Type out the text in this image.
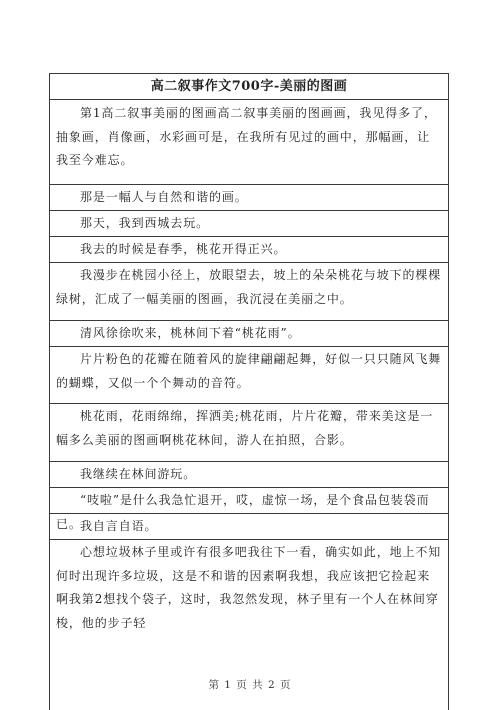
高二叙事作文700字-美丽的图画

第1高二叙事美丽的图画高二叙事美丽的图画画，我见得多了，抽象画，肖像画，水彩画可是，在我所有见过的画中，那幅画，让我至今难忘。

那是一幅人与自然和谐的画。

那天，我到西城去玩。

我去的时候是春季，桃花开得正兴。

我漫步在桃园小径上，放眼望去，坡上的朵朵桃花与坡下的棵棵绿树，汇成了一幅美丽的图画，我沉浸在美丽之中。

清风徐徐吹来，桃林间下着“桃花雨”。

片片粉色的花瓣在随着风的旋律翩翩起舞，好似一只只随风飞舞的蝴蝶，又似一个个舞动的音符。

桃花雨，花雨绵绵，挥洒美;桃花雨，片片花瓣，带来美这是一幅多么美丽的图画啊桃花林间，游人在拍照，合影。

我继续在林间游玩。

“吱啦”是什么我急忙退开，哎，虚惊一场，是个食品包装袋而已。

我自言自语。

心想垃圾林子里或许有很多吧我往下一看，确实如此，地上不知何时出现许多垃圾，这是不和谐的因素啊我想，我应该把它捡起来啊我第2想找个袋子，这时，我忽然发现，林子里有一个人在林间穿梭，他的步子轻

第 1 页 共 2 页
